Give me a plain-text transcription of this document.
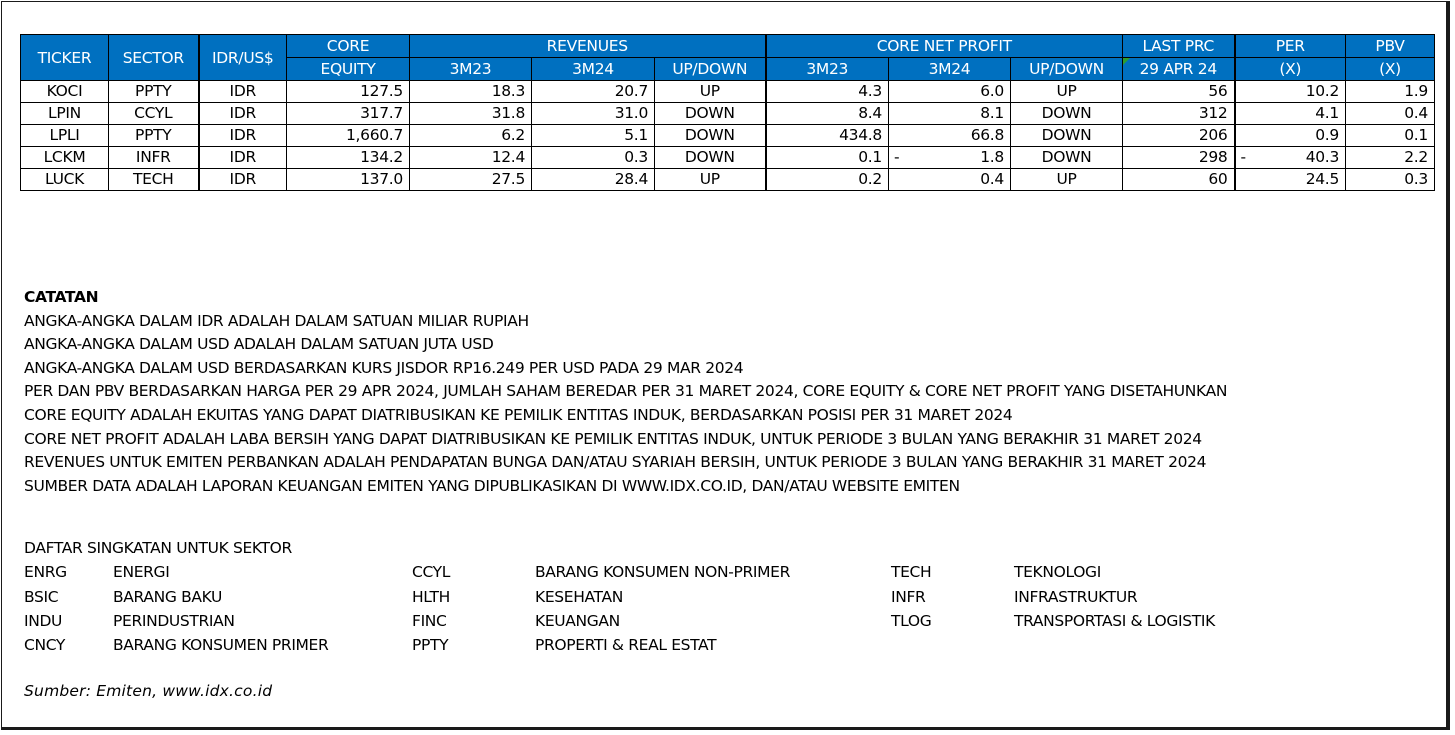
TICKER	SECTOR	IDR/US$	CORE	REVENUES			CORE NET PROFIT			LAST PRC	PER	PBV
			EQUITY	3M23	3M24	UP/DOWN	3M23	3M24	UP/DOWN	29 APR 24	(X)	(X)
KOCI	PPTY	IDR	127.5	18.3	20.7	UP	4.3	6.0	UP	56	10.2	1.9
LPIN	CCYL	IDR	317.7	31.8	31.0	DOWN	8.4	8.1	DOWN	312	4.1	0.4
LPLI	PPTY	IDR	1,660.7	6.2	5.1	DOWN	434.8	66.8	DOWN	206	0.9	0.1
LCKM	INFR	IDR	134.2	12.4	0.3	DOWN	0.1	- 1.8	DOWN	298	- 40.3	2.2
LUCK	TECH	IDR	137.0	27.5	28.4	UP	0.2	0.4	UP	60	24.5	0.3
CATATAN
ANGKA-ANGKA DALAM IDR ADALAH DALAM SATUAN MILIAR RUPIAH
ANGKA-ANGKA DALAM USD ADALAH DALAM SATUAN JUTA USD
ANGKA-ANGKA DALAM USD BERDASARKAN KURS JISDOR RP16.249 PER USD PADA 29 MAR 2024
PER DAN PBV BERDASARKAN HARGA PER 29 APR 2024, JUMLAH SAHAM BEREDAR PER 31 MARET 2024, CORE EQUITY & CORE NET PROFIT YANG DISETAHUNKAN
CORE EQUITY ADALAH EKUITAS YANG DAPAT DIATRIBUSIKAN KE PEMILIK ENTITAS INDUK, BERDASARKAN POSISI PER 31 MARET 2024
CORE NET PROFIT ADALAH LABA BERSIH YANG DAPAT DIATRIBUSIKAN KE PEMILIK ENTITAS INDUK, UNTUK PERIODE 3 BULAN YANG BERAKHIR 31 MARET 2024
REVENUES UNTUK EMITEN PERBANKAN ADALAH PENDAPATAN BUNGA DAN/ATAU SYARIAH BERSIH, UNTUK PERIODE 3 BULAN YANG BERAKHIR 31 MARET 2024
SUMBER DATA ADALAH LAPORAN KEUANGAN EMITEN YANG DIPUBLIKASIKAN DI WWW.IDX.CO.ID, DAN/ATAU WEBSITE EMITEN
DAFTAR SINGKATAN UNTUK SEKTOR
ENRG	ENERGI	CCYL	BARANG KONSUMEN NON-PRIMER	TECH	TEKNOLOGI
BSIC	BARANG BAKU	HLTH	KESEHATAN	INFR	INFRASTRUKTUR
INDU	PERINDUSTRIAN	FINC	KEUANGAN	TLOG	TRANSPORTASI & LOGISTIK
CNCY	BARANG KONSUMEN PRIMER	PPTY	PROPERTI & REAL ESTAT
Sumber: Emiten, www.idx.co.id
